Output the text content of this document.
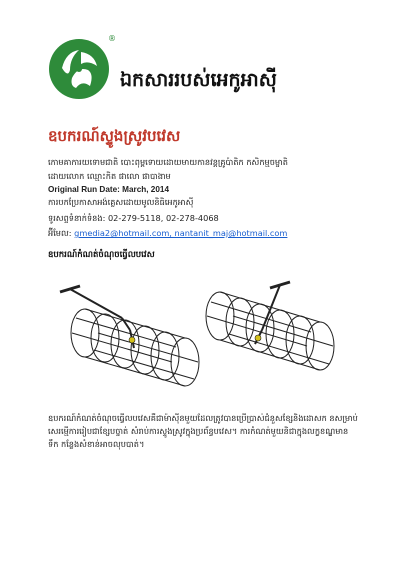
®
ឯកសាររបស់អេកូអាស៊ី
ឧបករណ៍ស្ទូងស្រូវបវេស
កោមគាការយទោមជាតិ បោះពុម្ពទោយដោយមាយកានវន្តគ្រូប៉ាតិក កសិកម្មចម្ចាតិ
ដោយលោក ឈ្មោះកិត ផាលោ ផាបាងាម
Original Run Date: March, 2014
ការបកប្រែកាសាអង់គ្លេសដោយមូលនិធិអេកូអាស៊ី
ទូរសព្ទទំនាក់ទំនង: 02-279-5118, 02-278-4068
អ៊ីមែល: gmedia2@hotmail.com, nantanit_maj@hotmail.com
ឧបករណ៍កំណត់ចំណុចធ្វើលបវេស
ឧបករណ៍កំណត់ចំណុចធ្វើលបវេសគឺជាម៉ាស៊ីនមួយដែលត្រូវបានប្រើប្រាស់ជំនួសខ្សែនិងដោសក នសម្រាប់សេរម្មើការរៀបជាខ្សែបច្ចាត់ សំរាប់ការស្ទូងស្រូវក្នុងប្រព័ន្ធបវេស។ ការកំណត់មួយនិជាក្នុងលក្ខខណ្ឌមានទឹក កន្លែងសំខាន់អាចលុបបាត់។
